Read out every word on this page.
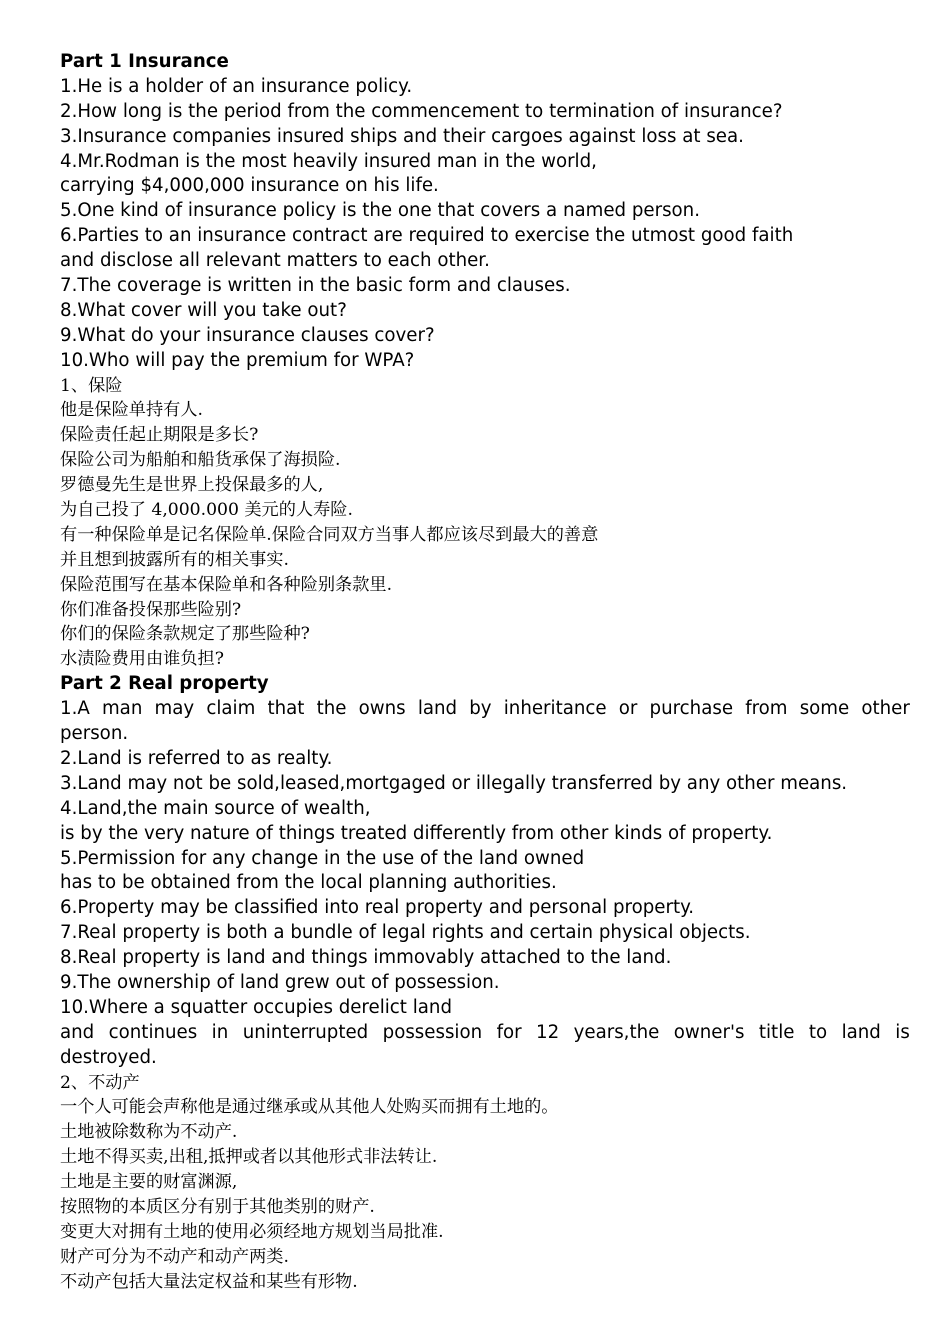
Part 1 Insurance
1.He is a holder of an insurance policy.
2.How long is the period from the commencement to termination of insurance?
3.Insurance companies insured ships and their cargoes against loss at sea.
4.Mr.Rodman is the most heavily insured man in the world,
carrying $4,000,000 insurance on his life.
5.One kind of insurance policy is the one that covers a named person.
6.Parties to an insurance contract are required to exercise the utmost good faith
and disclose all relevant matters to each other.
7.The coverage is written in the basic form and clauses.
8.What cover will you take out?
9.What do your insurance clauses cover?
10.Who will pay the premium for WPA?
1、保险
他是保险单持有人.
保险责任起止期限是多长?
保险公司为船舶和船货承保了海损险.
罗德曼先生是世界上投保最多的人,
为自己投了 4,000.000 美元的人寿险.
有一种保险单是记名保险单.保险合同双方当事人都应该尽到最大的善意
并且想到披露所有的相关事实.
保险范围写在基本保险单和各种险别条款里.
你们准备投保那些险别?
你们的保险条款规定了那些险种?
水渍险费用由谁负担?
Part 2 Real property
1.A man may claim that the owns land by inheritance or purchase from some other
person.
2.Land is referred to as realty.
3.Land may not be sold,leased,mortgaged or illegally transferred by any other means.
4.Land,the main source of wealth,
is by the very nature of things treated differently from other kinds of property.
5.Permission for any change in the use of the land owned
has to be obtained from the local planning authorities.
6.Property may be classified into real property and personal property.
7.Real property is both a bundle of legal rights and certain physical objects.
8.Real property is land and things immovably attached to the land.
9.The ownership of land grew out of possession.
10.Where a squatter occupies derelict land
and continues in uninterrupted possession for 12 years,the owner's title to land is
destroyed.
2、不动产
一个人可能会声称他是通过继承或从其他人处购买而拥有土地的。
土地被除数称为不动产.
土地不得买卖,出租,抵押或者以其他形式非法转让.
土地是主要的财富渊源,
按照物的本质区分有别于其他类别的财产.
变更大对拥有土地的使用必须经地方规划当局批准.
财产可分为不动产和动产两类.
不动产包括大量法定权益和某些有形物.
